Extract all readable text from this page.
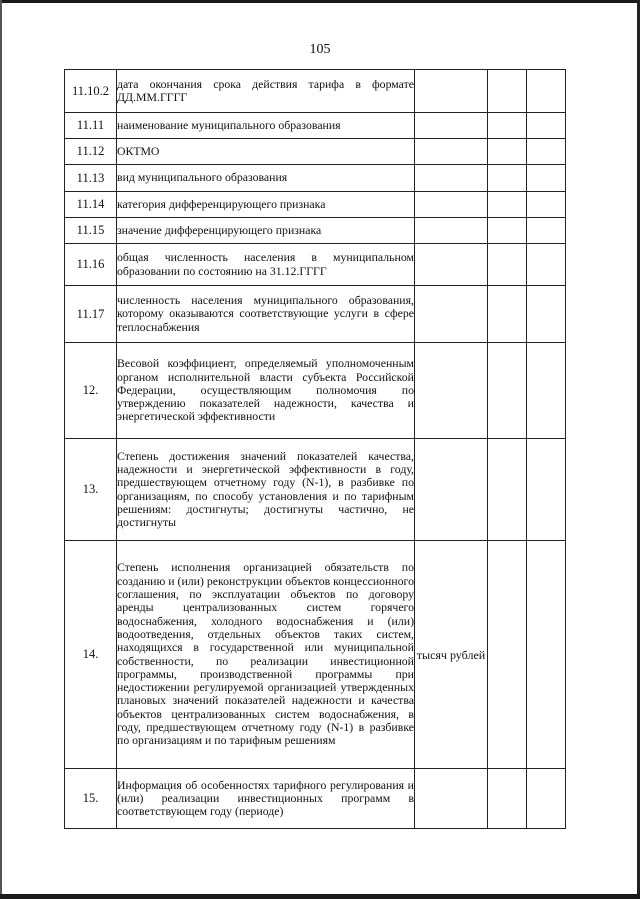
105
11.10.2	дата окончания срока действия тарифа в формате ДД.ММ.ГГГГ			

11.11	наименование муниципального образования			

11.12	ОКТМО			

11.13	вид муниципального образования			

11.14	категория дифференцирующего признака			

11.15	значение дифференцирующего признака			

11.16	общая численность населения в муниципальном образовании по состоянию на 31.12.ГГГГ			

11.17	численность населения муниципального образования, которому оказываются соответствующие услуги в сфере теплоснабжения			

12.	Весовой коэффициент, определяемый уполномоченным органом исполнительной власти субъекта Российской Федерации, осуществляющим полномочия по утверждению показателей надежности, качества и энергетической эффективности			

13.	Степень достижения значений показателей качества, надежности и энергетической эффективности в году, предшествующем отчетному году (N-1), в разбивке по организациям, по способу установления и по тарифным решениям: достигнуты; достигнуты частично, не достигнуты			

14.	Степень исполнения организацией обязательств по созданию и (или) реконструкции объектов концессионного соглашения, по эксплуатации объектов по договору аренды централизованных систем горячего водоснабжения, холодного водоснабжения и (или) водоотведения, отдельных объектов таких систем, находящихся в государственной или муниципальной собственности, по реализации инвестиционной программы, производственной программы при недостижении регулируемой организацией утвержденных плановых значений показателей надежности и качества объектов централизованных систем водоснабжения, в году, предшествующем отчетному году (N-1) в разбивке по организациям и по тарифным решениям	тысяч рублей		

15.	Информация об особенностях тарифного регулирования и (или) реализации инвестиционных программ в соответствующем году (периоде)			
